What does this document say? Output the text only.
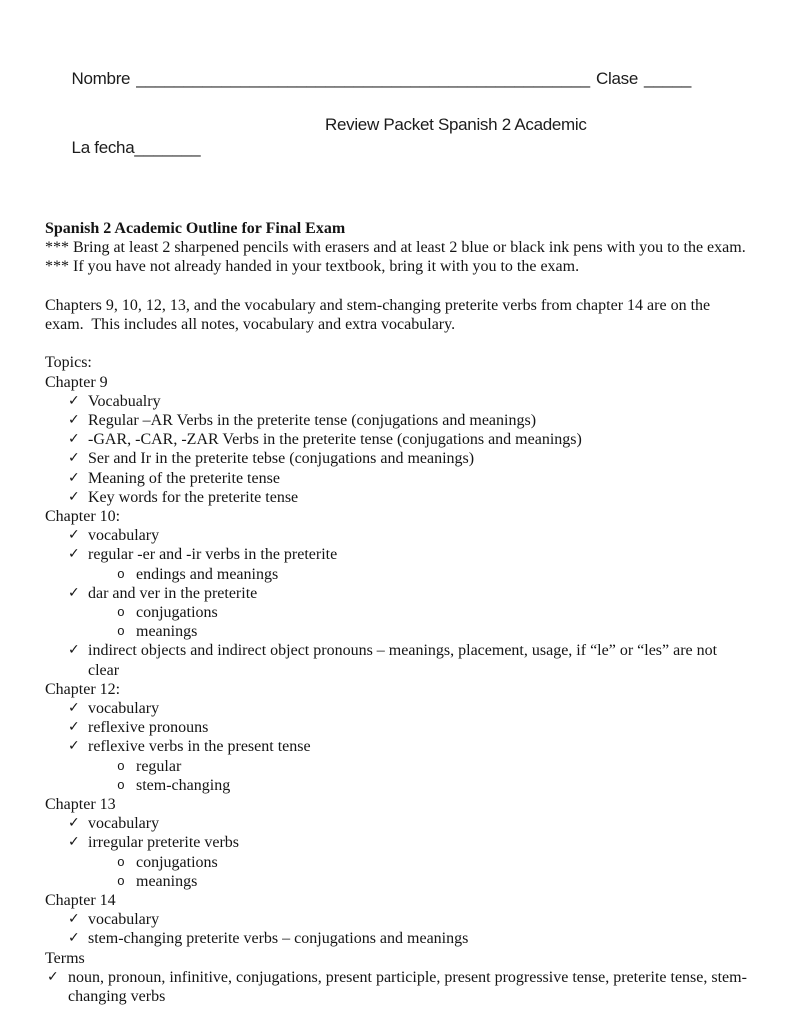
Nombre ________________________________________________ Clase _____

La fecha_______

Review Packet Spanish 2 Academic

Spanish 2 Academic Outline for Final Exam

*** Bring at least 2 sharpened pencils with erasers and at least 2 blue or black ink pens with you to the exam.

*** If you have not already handed in your textbook, bring it with you to the exam.

Chapters 9, 10, 12, 13, and the vocabulary and stem-changing preterite verbs from chapter 14 are on the exam.  This includes all notes, vocabulary and extra vocabulary.

Topics:

Chapter 9
✓ Vocabualry
✓ Regular –AR Verbs in the preterite tense (conjugations and meanings)
✓ -GAR, -CAR, -ZAR Verbs in the preterite tense (conjugations and meanings)
✓ Ser and Ir in the preterite tebse (conjugations and meanings)
✓ Meaning of the preterite tense
✓ Key words for the preterite tense
Chapter 10:
✓ vocabulary
✓ regular -er and -ir verbs in the preterite
o endings and meanings
✓ dar and ver in the preterite
o conjugations
o meanings
✓ indirect objects and indirect object pronouns – meanings, placement, usage, if “le” or “les” are not clear
Chapter 12:
✓ vocabulary
✓ reflexive pronouns
✓ reflexive verbs in the present tense
o regular
o stem-changing
Chapter 13
✓ vocabulary
✓ irregular preterite verbs
o conjugations
o meanings
Chapter 14
✓ vocabulary
✓ stem-changing preterite verbs – conjugations and meanings
Terms
✓ noun, pronoun, infinitive, conjugations, present participle, present progressive tense, preterite tense, stem-changing verbs
